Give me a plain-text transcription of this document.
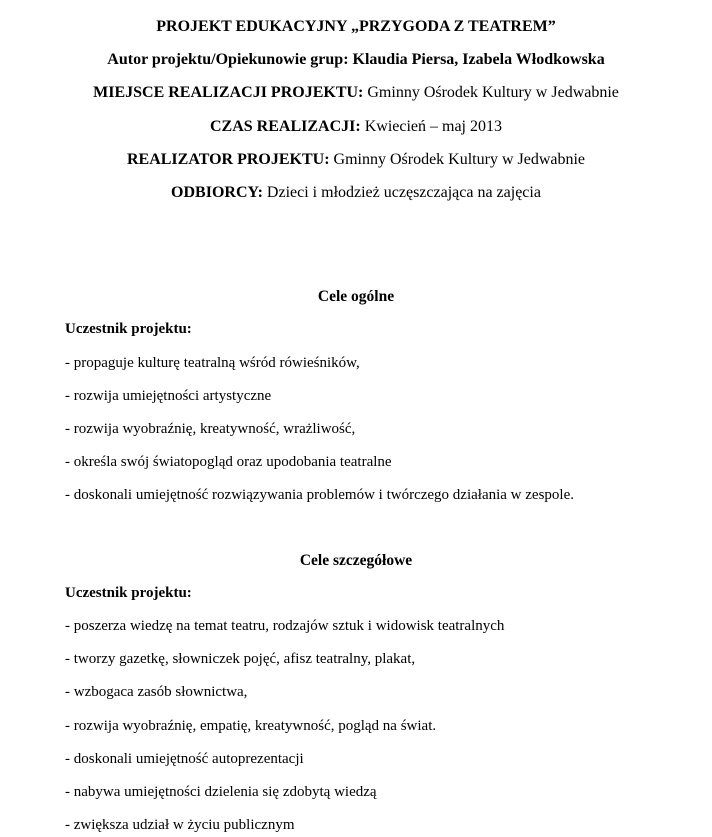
PROJEKT EDUKACYJNY „PRZYGODA Z TEATREM”

Autor projektu/Opiekunowie grup: Klaudia Piersa, Izabela Włodkowska

MIEJSCE REALIZACJI PROJEKTU: Gminny Ośrodek Kultury w Jedwabnie

CZAS REALIZACJI: Kwiecień – maj 2013

REALIZATOR PROJEKTU: Gminny Ośrodek Kultury w Jedwabnie

ODBIORCY: Dzieci i młodzież uczęszczająca na zajęcia

Cele ogólne

Uczestnik projektu:

- propaguje kulturę teatralną wśród rówieśników,

- rozwija umiejętności artystyczne

- rozwija wyobraźnię, kreatywność, wrażliwość,

- określa swój światopogląd oraz upodobania teatralne

- doskonali umiejętność rozwiązywania problemów i twórczego działania w zespole.

Cele szczegółowe

Uczestnik projektu:

- poszerza wiedzę na temat teatru, rodzajów sztuk i widowisk teatralnych

- tworzy gazetkę, słowniczek pojęć, afisz teatralny, plakat,

- wzbogaca zasób słownictwa,

- rozwija wyobraźnię, empatię, kreatywność, pogląd na świat.

- doskonali umiejętność autoprezentacji

- nabywa umiejętności dzielenia się zdobytą wiedzą

- zwiększa udział w życiu publicznym
